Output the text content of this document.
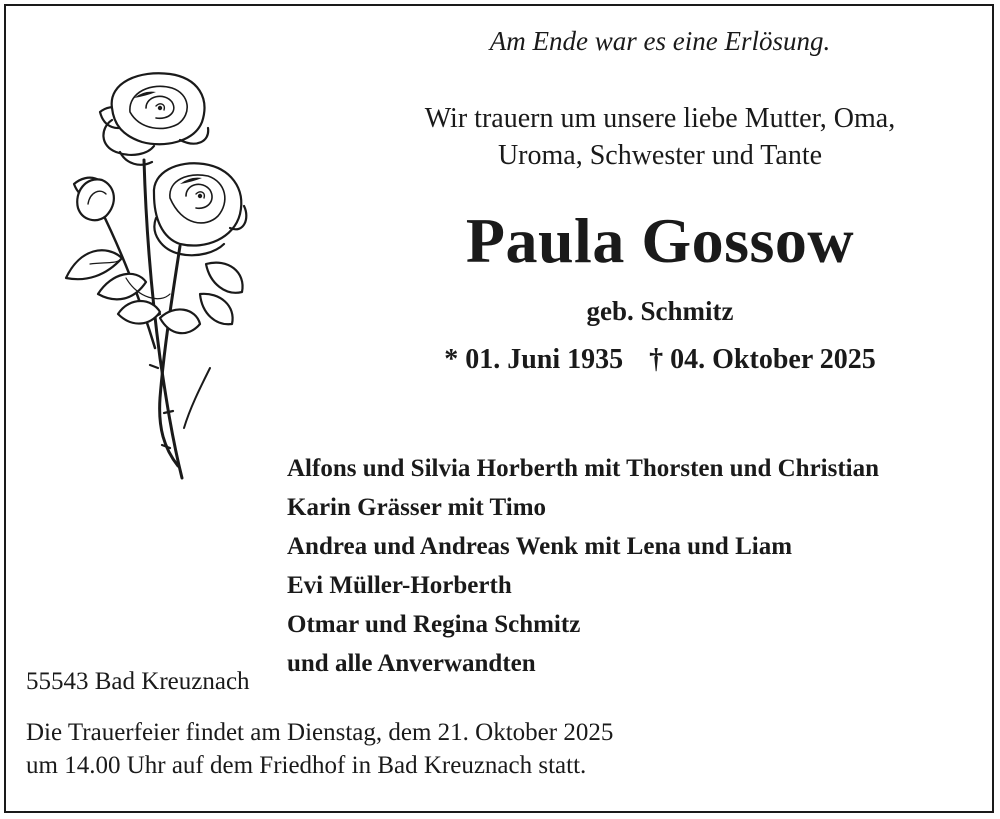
Am Ende war es eine Erlösung.
Wir trauern um unsere liebe Mutter, Oma,
Uroma, Schwester und Tante
Paula Gossow
geb. Schmitz
* 01. Juni 1935 † 04. Oktober 2025
Alfons und Silvia Horberth mit Thorsten und Christian
Karin Grässer mit Timo
Andrea und Andreas Wenk mit Lena und Liam
Evi Müller-Horberth
Otmar und Regina Schmitz
und alle Anverwandten
55543 Bad Kreuznach
Die Trauerfeier findet am Dienstag, dem 21. Oktober 2025
um 14.00 Uhr auf dem Friedhof in Bad Kreuznach statt.
